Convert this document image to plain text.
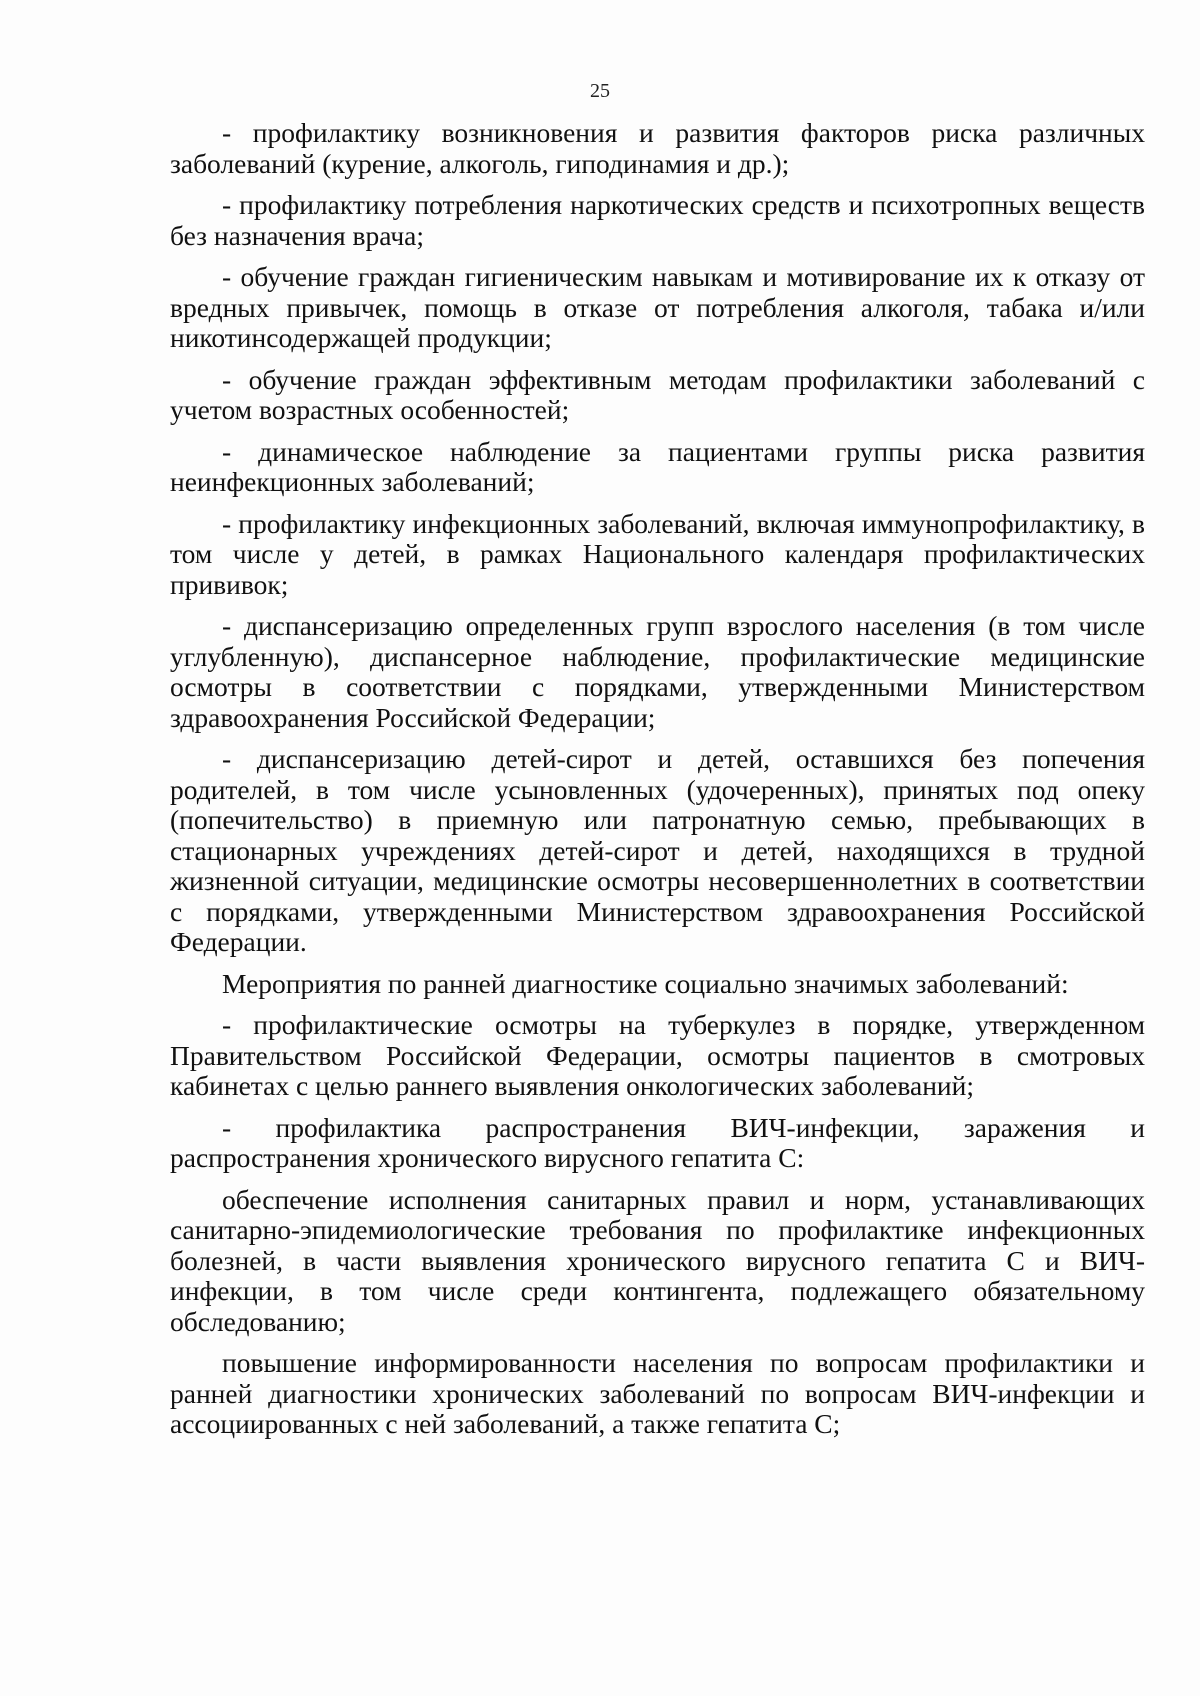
25

- профилактику возникновения и развития факторов риска различных заболеваний (курение, алкоголь, гиподинамия и др.);

- профилактику потребления наркотических средств и психотропных веществ без назначения врача;

- обучение граждан гигиеническим навыкам и мотивирование их к отказу от вредных привычек, помощь в отказе от потребления алкоголя, табака и/или никотинсодержащей продукции;

- обучение граждан эффективным методам профилактики заболеваний с учетом возрастных особенностей;

- динамическое наблюдение за пациентами группы риска развития неинфекционных заболеваний;

- профилактику инфекционных заболеваний, включая иммунопрофилактику, в том числе у детей, в рамках Национального календаря профилактических прививок;

- диспансеризацию определенных групп взрослого населения (в том числе углубленную), диспансерное наблюдение, профилактические медицинские осмотры в соответствии с порядками, утвержденными Министерством здравоохранения Российской Федерации;

- диспансеризацию детей-сирот и детей, оставшихся без попечения родителей, в том числе усыновленных (удочеренных), принятых под опеку (попечительство) в приемную или патронатную семью, пребывающих в стационарных учреждениях детей-сирот и детей, находящихся в трудной жизненной ситуации, медицинские осмотры несовершеннолетних в соответствии с порядками, утвержденными Министерством здравоохранения Российской Федерации.

Мероприятия по ранней диагностике социально значимых заболеваний:

- профилактические осмотры на туберкулез в порядке, утвержденном Правительством Российской Федерации, осмотры пациентов в смотровых кабинетах с целью раннего выявления онкологических заболеваний;

- профилактика распространения ВИЧ-инфекции, заражения и распространения хронического вирусного гепатита С:

обеспечение исполнения санитарных правил и норм, устанавливающих санитарно-эпидемиологические требования по профилактике инфекционных болезней, в части выявления хронического вирусного гепатита С и ВИЧ-инфекции, в том числе среди контингента, подлежащего обязательному обследованию;

повышение информированности населения по вопросам профилактики и ранней диагностики хронических заболеваний по вопросам ВИЧ-инфекции и ассоциированных с ней заболеваний, а также гепатита С;
